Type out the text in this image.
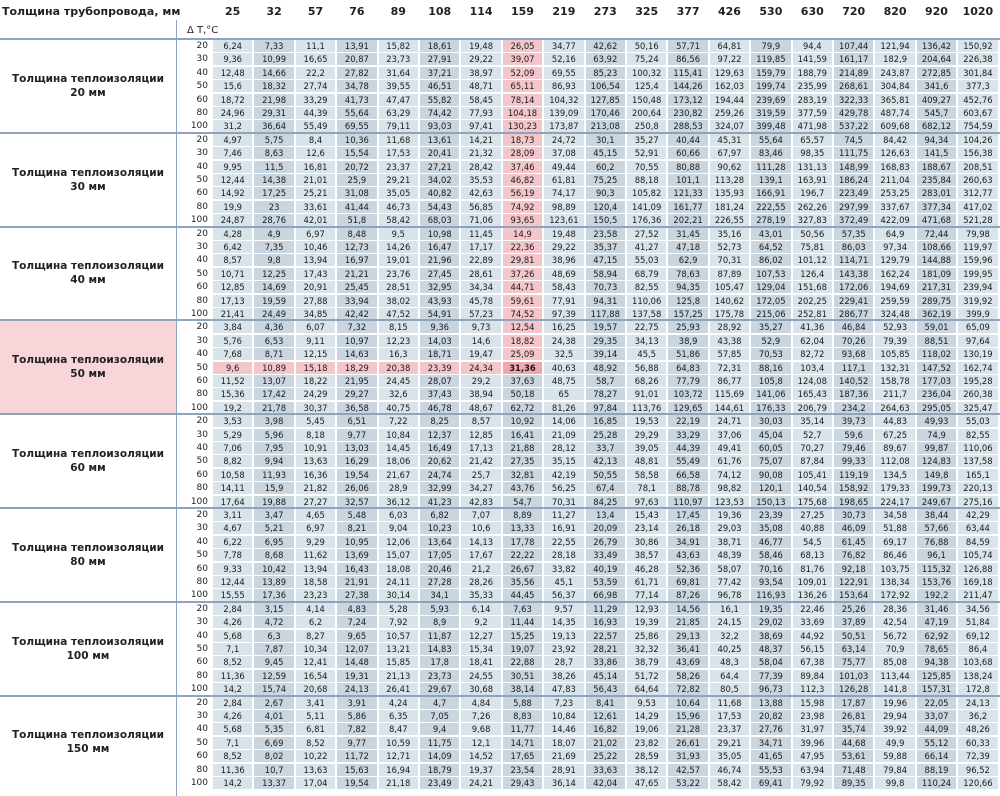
Толщина трубопровода, мм
Δ T,°C
25	32	57	76	89	108	114	159	219	273	325	377	426	530	630	720	820	920	1020
Толщина теплоизоляции
20 мм
20	6,24	7,33	11,1	13,91	15,82	18,61	19,48	26,05	34,77	42,62	50,16	57,71	64,81	79,9	94,4	107,44	121,94	136,42	150,92
30	9,36	10,99	16,65	20,87	23,73	27,91	29,22	39,07	52,16	63,92	75,24	86,56	97,22	119,85	141,59	161,17	182,9	204,64	226,38
40	12,48	14,66	22,2	27,82	31,64	37,21	38,97	52,09	69,55	85,23	100,32	115,41	129,63	159,79	188,79	214,89	243,87	272,85	301,84
50	15,6	18,32	27,74	34,78	39,55	46,51	48,71	65,11	86,93	106,54	125,4	144,26	162,03	199,74	235,99	268,61	304,84	341,6	377,3
60	18,72	21,98	33,29	41,73	47,47	55,82	58,45	78,14	104,32	127,85	150,48	173,12	194,44	239,69	283,19	322,33	365,81	409,27	452,76
80	24,96	29,31	44,39	55,64	63,29	74,42	77,93	104,18	139,09	170,46	200,64	230,82	259,26	319,59	377,59	429,78	487,74	545,7	603,67
100	31,2	36,64	55,49	69,55	79,11	93,03	97,41	130,23	173,87	213,08	250,8	288,53	324,07	399,48	471,98	537,22	609,68	682,12	754,59
Толщина теплоизоляции
30 мм
20	4,97	5,75	8,4	10,36	11,68	13,61	14,21	18,73	24,72	30,1	35,27	40,44	45,31	55,64	65,57	74,5	84,42	94,34	104,26
30	7,46	8,63	12,6	15,54	17,53	20,41	21,32	28,09	37,08	45,15	52,91	60,66	67,97	83,46	98,35	111,75	126,63	141,5	156,38
40	9,95	11,5	16,81	20,72	23,37	27,21	28,42	37,46	49,44	60,2	70,55	80,88	90,62	111,28	131,13	148,99	168,83	188,67	208,51
50	12,44	14,38	21,01	25,9	29,21	34,02	35,53	46,82	61,81	75,25	88,18	101,1	113,28	139,1	163,91	186,24	211,04	235,84	260,63
60	14,92	17,25	25,21	31,08	35,05	40,82	42,63	56,19	74,17	90,3	105,82	121,33	135,93	166,91	196,7	223,49	253,25	283,01	312,77
80	19,9	23	33,61	41,44	46,73	54,43	56,85	74,92	98,89	120,4	141,09	161,77	181,24	222,55	262,26	297,99	337,67	377,34	417,02
100	24,87	28,76	42,01	51,8	58,42	68,03	71,06	93,65	123,61	150,5	176,36	202,21	226,55	278,19	327,83	372,49	422,09	471,68	521,28
Толщина теплоизоляции
40 мм
20	4,28	4,9	6,97	8,48	9,5	10,98	11,45	14,9	19,48	23,58	27,52	31,45	35,16	43,01	50,56	57,35	64,9	72,44	79,98
30	6,42	7,35	10,46	12,73	14,26	16,47	17,17	22,36	29,22	35,37	41,27	47,18	52,73	64,52	75,81	86,03	97,34	108,66	119,97
40	8,57	9,8	13,94	16,97	19,01	21,96	22,89	29,81	38,96	47,15	55,03	62,9	70,31	86,02	101,12	114,71	129,79	144,88	159,96
50	10,71	12,25	17,43	21,21	23,76	27,45	28,61	37,26	48,69	58,94	68,79	78,63	87,89	107,53	126,4	143,38	162,24	181,09	199,95
60	12,85	14,69	20,91	25,45	28,51	32,95	34,34	44,71	58,43	70,73	82,55	94,35	105,47	129,04	151,68	172,06	194,69	217,31	239,94
80	17,13	19,59	27,88	33,94	38,02	43,93	45,78	59,61	77,91	94,31	110,06	125,8	140,62	172,05	202,25	229,41	259,59	289,75	319,92
100	21,41	24,49	34,85	42,42	47,52	54,91	57,23	74,52	97,39	117,88	137,58	157,25	175,78	215,06	252,81	286,77	324,48	362,19	399,9
Толщина теплоизоляции
50 мм
20	3,84	4,36	6,07	7,32	8,15	9,36	9,73	12,54	16,25	19,57	22,75	25,93	28,92	35,27	41,36	46,84	52,93	59,01	65,09
30	5,76	6,53	9,11	10,97	12,23	14,03	14,6	18,82	24,38	29,35	34,13	38,9	43,38	52,9	62,04	70,26	79,39	88,51	97,64
40	7,68	8,71	12,15	14,63	16,3	18,71	19,47	25,09	32,5	39,14	45,5	51,86	57,85	70,53	82,72	93,68	105,85	118,02	130,19
50	9,6	10,89	15,18	18,29	20,38	23,39	24,34	31,36	40,63	48,92	56,88	64,83	72,31	88,16	103,4	117,1	132,31	147,52	162,74
60	11,52	13,07	18,22	21,95	24,45	28,07	29,2	37,63	48,75	58,7	68,26	77,79	86,77	105,8	124,08	140,52	158,78	177,03	195,28
80	15,36	17,42	24,29	29,27	32,6	37,43	38,94	50,18	65	78,27	91,01	103,72	115,69	141,06	165,43	187,36	211,7	236,04	260,38
100	19,2	21,78	30,37	36,58	40,75	46,78	48,67	62,72	81,26	97,84	113,76	129,65	144,61	176,33	206,79	234,2	264,63	295,05	325,47
Толщина теплоизоляции
60 мм
20	3,53	3,98	5,45	6,51	7,22	8,25	8,57	10,92	14,06	16,85	19,53	22,19	24,71	30,03	35,14	39,73	44,83	49,93	55,03
30	5,29	5,96	8,18	9,77	10,84	12,37	12,85	16,41	21,09	25,28	29,29	33,29	37,06	45,04	52,7	59,6	67,25	74,9	82,55
40	7,06	7,95	10,91	13,03	14,45	16,49	17,13	21,88	28,12	33,7	39,05	44,39	49,41	60,05	70,27	79,46	89,67	99,87	110,06
50	8,82	9,94	13,63	16,29	18,06	20,62	21,42	27,35	35,15	42,13	48,81	55,49	61,76	75,07	87,84	99,33	112,08	124,83	137,58
60	10,58	11,93	16,36	19,54	21,67	24,74	25,7	32,81	42,19	50,55	58,58	66,58	74,12	90,08	105,41	119,19	134,5	149,8	165,1
80	14,11	15,9	21,82	26,06	28,9	32,99	34,27	43,76	56,25	67,4	78,1	88,78	98,82	120,1	140,54	158,92	179,33	199,73	220,13
100	17,64	19,88	27,27	32,57	36,12	41,23	42,83	54,7	70,31	84,25	97,63	110,97	123,53	150,13	175,68	198,65	224,17	249,67	275,16
Толщина теплоизоляции
80 мм
20	3,11	3,47	4,65	5,48	6,03	6,82	7,07	8,89	11,27	13,4	15,43	17,45	19,36	23,39	27,25	30,73	34,58	38,44	42,29
30	4,67	5,21	6,97	8,21	9,04	10,23	10,6	13,33	16,91	20,09	23,14	26,18	29,03	35,08	40,88	46,09	51,88	57,66	63,44
40	6,22	6,95	9,29	10,95	12,06	13,64	14,13	17,78	22,55	26,79	30,86	34,91	38,71	46,77	54,5	61,45	69,17	76,88	84,59
50	7,78	8,68	11,62	13,69	15,07	17,05	17,67	22,22	28,18	33,49	38,57	43,63	48,39	58,46	68,13	76,82	86,46	96,1	105,74
60	9,33	10,42	13,94	16,43	18,08	20,46	21,2	26,67	33,82	40,19	46,28	52,36	58,07	70,16	81,76	92,18	103,75	115,32	126,88
80	12,44	13,89	18,58	21,91	24,11	27,28	28,26	35,56	45,1	53,59	61,71	69,81	77,42	93,54	109,01	122,91	138,34	153,76	169,18
100	15,55	17,36	23,23	27,38	30,14	34,1	35,33	44,45	56,37	66,98	77,14	87,26	96,78	116,93	136,26	153,64	172,92	192,2	211,47
Толщина теплоизоляции
100 мм
20	2,84	3,15	4,14	4,83	5,28	5,93	6,14	7,63	9,57	11,29	12,93	14,56	16,1	19,35	22,46	25,26	28,36	31,46	34,56
30	4,26	4,72	6,2	7,24	7,92	8,9	9,2	11,44	14,35	16,93	19,39	21,85	24,15	29,02	33,69	37,89	42,54	47,19	51,84
40	5,68	6,3	8,27	9,65	10,57	11,87	12,27	15,25	19,13	22,57	25,86	29,13	32,2	38,69	44,92	50,51	56,72	62,92	69,12
50	7,1	7,87	10,34	12,07	13,21	14,83	15,34	19,07	23,92	28,21	32,32	36,41	40,25	48,37	56,15	63,14	70,9	78,65	86,4
60	8,52	9,45	12,41	14,48	15,85	17,8	18,41	22,88	28,7	33,86	38,79	43,69	48,3	58,04	67,38	75,77	85,08	94,38	103,68
80	11,36	12,59	16,54	19,31	21,13	23,73	24,55	30,51	38,26	45,14	51,72	58,26	64,4	77,39	89,84	101,03	113,44	125,85	138,24
100	14,2	15,74	20,68	24,13	26,41	29,67	30,68	38,14	47,83	56,43	64,64	72,82	80,5	96,73	112,3	126,28	141,8	157,31	172,8
Толщина теплоизоляции
150 мм
20	2,84	2,67	3,41	3,91	4,24	4,7	4,84	5,88	7,23	8,41	9,53	10,64	11,68	13,88	15,98	17,87	19,96	22,05	24,13
30	4,26	4,01	5,11	5,86	6,35	7,05	7,26	8,83	10,84	12,61	14,29	15,96	17,53	20,82	23,98	26,81	29,94	33,07	36,2
40	5,68	5,35	6,81	7,82	8,47	9,4	9,68	11,77	14,46	16,82	19,06	21,28	23,37	27,76	31,97	35,74	39,92	44,09	48,26
50	7,1	6,69	8,52	9,77	10,59	11,75	12,1	14,71	18,07	21,02	23,82	26,61	29,21	34,71	39,96	44,68	49,9	55,12	60,33
60	8,52	8,02	10,22	11,72	12,71	14,09	14,52	17,65	21,69	25,22	28,59	31,93	35,05	41,65	47,95	53,61	59,88	66,14	72,39
80	11,36	10,7	13,63	15,63	16,94	18,79	19,37	23,54	28,91	33,63	38,12	42,57	46,74	55,53	63,94	71,48	79,84	88,19	96,52
100	14,2	13,37	17,04	19,54	21,18	23,49	24,21	29,43	36,14	42,04	47,65	53,22	58,42	69,41	79,92	89,35	99,8	110,24	120,66
